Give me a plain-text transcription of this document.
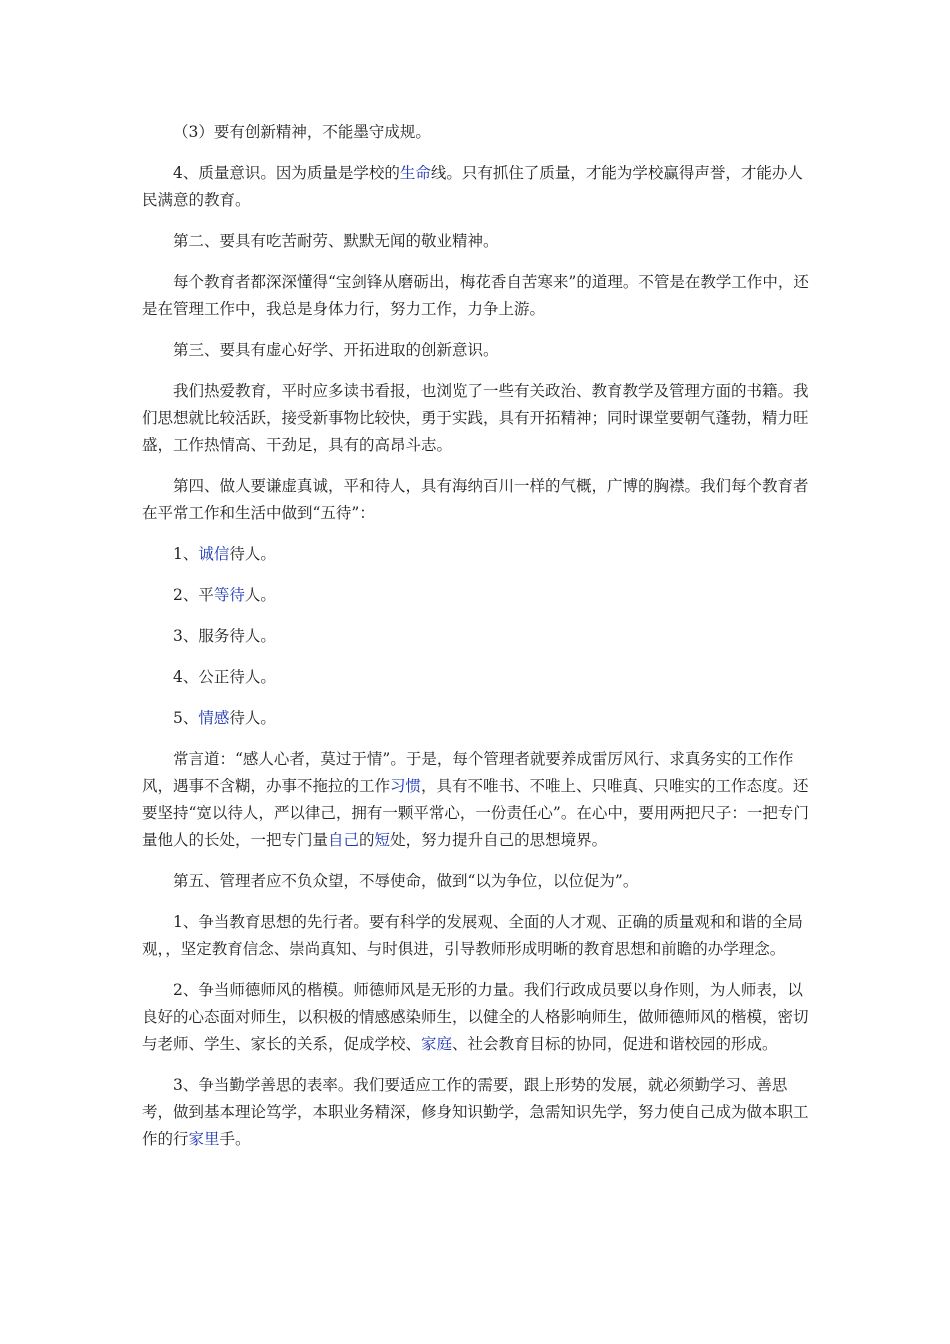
（3）要有创新精神，不能墨守成规。

4、质量意识。因为质量是学校的生命线。只有抓住了质量，才能为学校赢得声誉，才能办人民满意的教育。

第二、要具有吃苦耐劳、默默无闻的敬业精神。

每个教育者都深深懂得“宝剑锋从磨砺出，梅花香自苦寒来”的道理。不管是在教学工作中，还是在管理工作中，我总是身体力行，努力工作，力争上游。

第三、要具有虚心好学、开拓进取的创新意识。

我们热爱教育，平时应多读书看报，也浏览了一些有关政治、教育教学及管理方面的书籍。我们思想就比较活跃，接受新事物比较快，勇于实践，具有开拓精神；同时课堂要朝气蓬勃，精力旺盛，工作热情高、干劲足，具有的高昂斗志。

第四、做人要谦虚真诚，平和待人，具有海纳百川一样的气概，广博的胸襟。我们每个教育者在平常工作和生活中做到“五待”：

1、诚信待人。

2、平等待人。

3、服务待人。

4、公正待人。

5、情感待人。

常言道：“感人心者，莫过于情”。于是，每个管理者就要养成雷厉风行、求真务实的工作作风，遇事不含糊，办事不拖拉的工作习惯，具有不唯书、不唯上、只唯真、只唯实的工作态度。还要坚持“宽以待人，严以律己，拥有一颗平常心，一份责任心”。在心中，要用两把尺子：一把专门量他人的长处，一把专门量自己的短处，努力提升自己的思想境界。

第五、管理者应不负众望，不辱使命，做到“以为争位，以位促为”。

1、争当教育思想的先行者。要有科学的发展观、全面的人才观、正确的质量观和和谐的全局观，，坚定教育信念、崇尚真知、与时俱进，引导教师形成明晰的教育思想和前瞻的办学理念。

2、争当师德师风的楷模。师德师风是无形的力量。我们行政成员要以身作则，为人师表，以良好的心态面对师生，以积极的情感感染师生，以健全的人格影响师生，做师德师风的楷模，密切与老师、学生、家长的关系，促成学校、家庭、社会教育目标的协同，促进和谐校园的形成。

3、争当勤学善思的表率。我们要适应工作的需要，跟上形势的发展，就必须勤学习、善思考，做到基本理论笃学，本职业务精深，修身知识勤学，急需知识先学，努力使自己成为做本职工作的行家里手。
